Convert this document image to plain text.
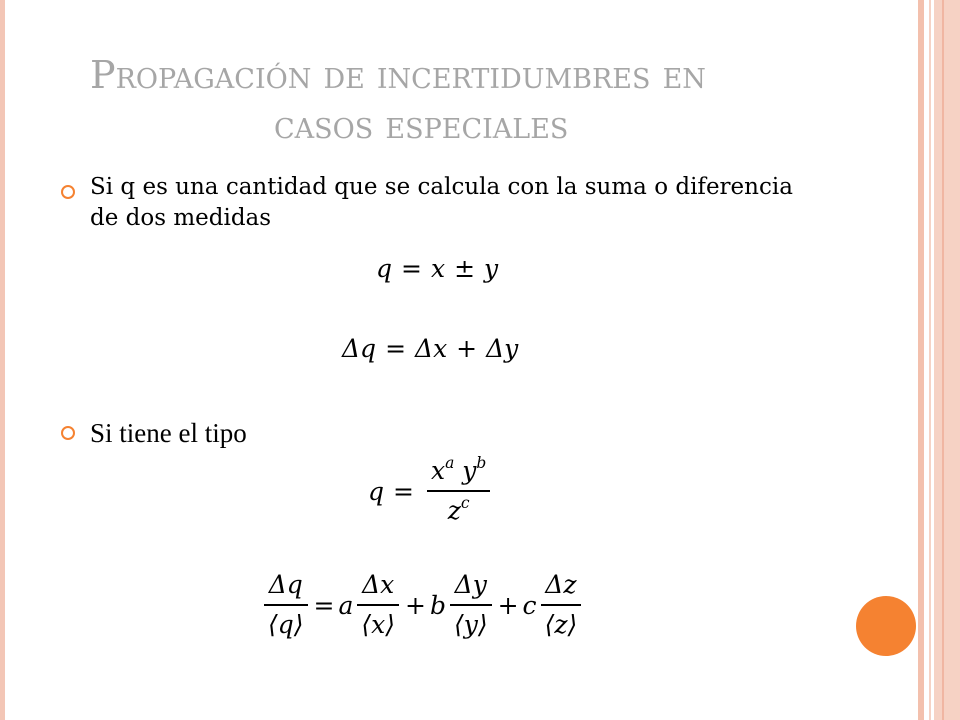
Propagación de incertidumbres en
casos especiales
Si q es una cantidad que se calcula con la suma o diferencia de dos medidas
q = x ± y
Δq = Δx + Δy
Si tiene el tipo
$q = \frac{x^a y^b}{z^c}$
$\frac{\Delta q}{⟨q⟩} = a \frac{\Delta x}{⟨x⟩} + b \frac{\Delta y}{⟨y⟩} + c \frac{\Delta z}{⟨z⟩}$
